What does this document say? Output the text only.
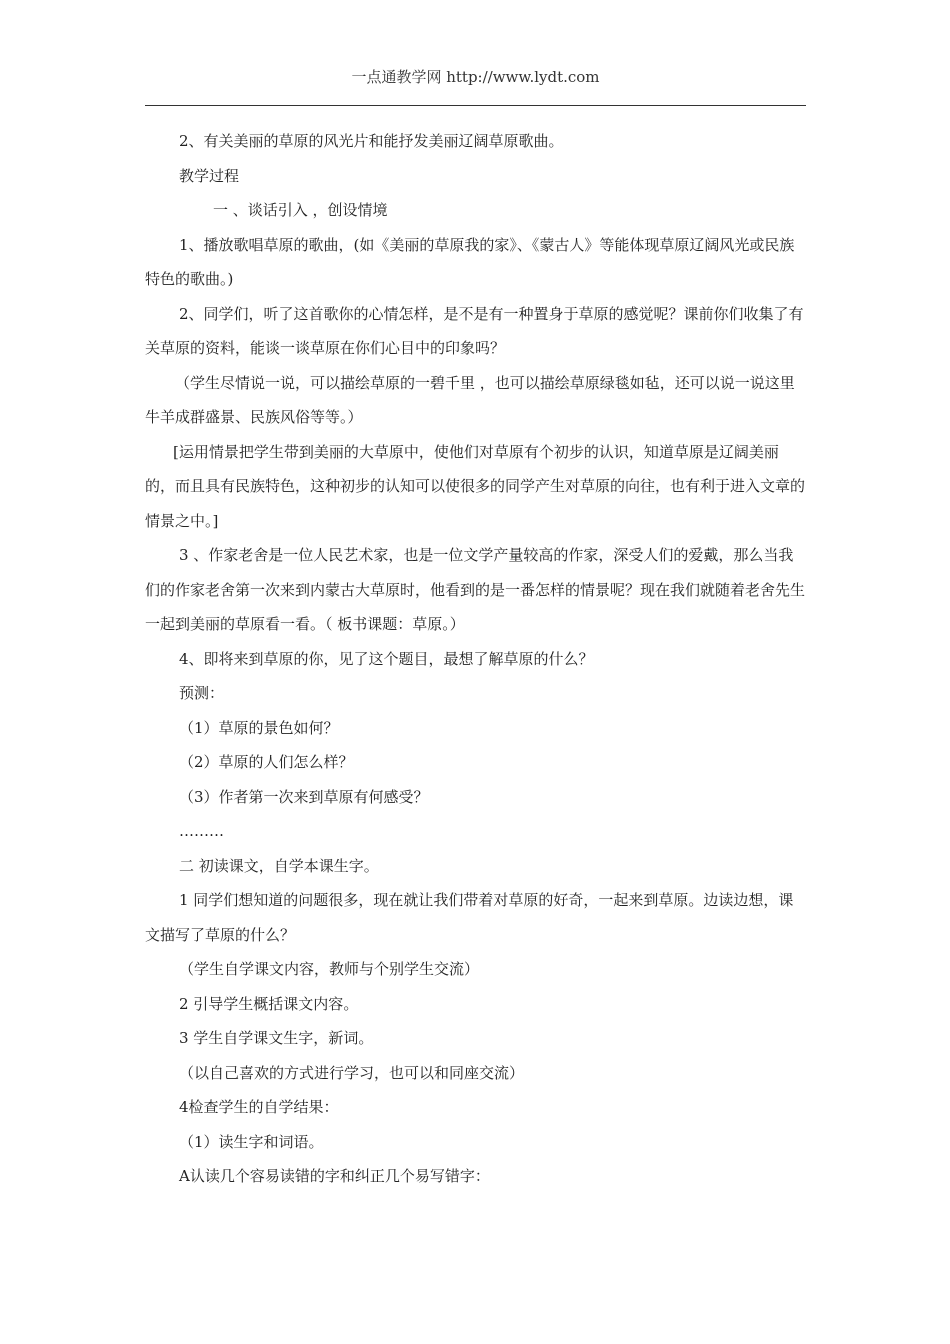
一点通教学网 http://www.lydt.com

2、有关美丽的草原的风光片和能抒发美丽辽阔草原歌曲。

教学过程

一 、谈话引入 ，创设情境

1、播放歌唱草原的歌曲，(如《美丽的草原我的家》、《蒙古人》等能体现草原辽阔风光或民族特色的歌曲。)

2、同学们，听了这首歌你的心情怎样，是不是有一种置身于草原的感觉呢？课前你们收集了有关草原的资料，能谈一谈草原在你们心目中的印象吗？

（学生尽情说一说，可以描绘草原的一碧千里 ，也可以描绘草原绿毯如毡，还可以说一说这里牛羊成群盛景、民族风俗等等。）

[运用情景把学生带到美丽的大草原中，使他们对草原有个初步的认识，知道草原是辽阔美丽的，而且具有民族特色，这种初步的认知可以使很多的同学产生对草原的向往，也有利于进入文章的情景之中。]

3 、作家老舍是一位人民艺术家，也是一位文学产量较高的作家，深受人们的爱戴，那么当我们的作家老舍第一次来到内蒙古大草原时，他看到的是一番怎样的情景呢？现在我们就随着老舍先生一起到美丽的草原看一看。（ 板书课题：草原。）

4、即将来到草原的你，见了这个题目，最想了解草原的什么？

预测：

（1）草原的景色如何？

（2）草原的人们怎么样？

（3）作者第一次来到草原有何感受？

………

二 初读课文，自学本课生字。

1 同学们想知道的问题很多，现在就让我们带着对草原的好奇，一起来到草原。边读边想，课文描写了草原的什么？

（学生自学课文内容，教师与个别学生交流）

2 引导学生概括课文内容。

3 学生自学课文生字，新词。

（以自己喜欢的方式进行学习，也可以和同座交流）

4检查学生的自学结果：

（1）读生字和词语。

A认读几个容易读错的字和纠正几个易写错字：
